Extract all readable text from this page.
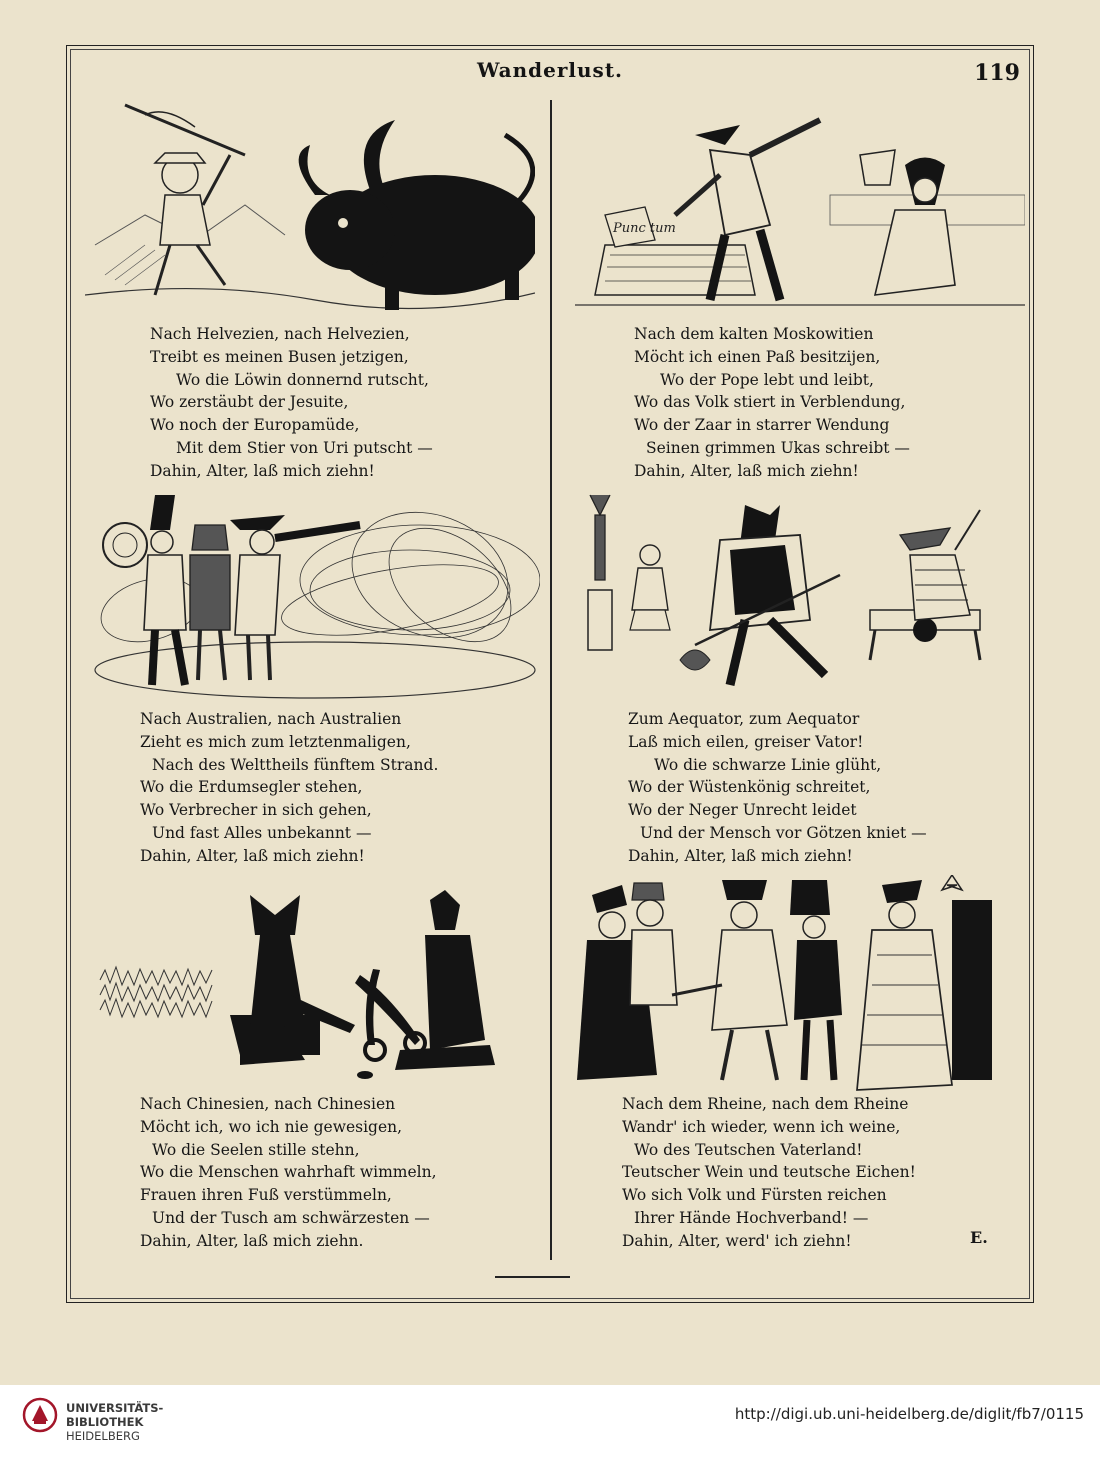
Wanderlust.	119
Punc tum
Nach Helvezien, nach Helvezien,
Treibt es meinen Busen jetzigen,
Wo die Löwin donnernd rutscht,
Wo zerstäubt der Jesuite,
Wo noch der Europamüde,
Mit dem Stier von Uri putscht —
Dahin, Alter, laß mich ziehn!
Nach dem kalten Moskowitien
Möcht ich einen Paß besitzijen,
Wo der Pope lebt und leibt,
Wo das Volk stiert in Verblendung,
Wo der Zaar in starrer Wendung
Seinen grimmen Ukas schreibt —
Dahin, Alter, laß mich ziehn!
Nach Australien, nach Australien
Zieht es mich zum letztenmaligen,
Nach des Welttheils fünftem Strand.
Wo die Erdumsegler stehen,
Wo Verbrecher in sich gehen,
Und fast Alles unbekannt —
Dahin, Alter, laß mich ziehn!
Zum Aequator, zum Aequator
Laß mich eilen, greiser Vator!
Wo die schwarze Linie glüht,
Wo der Wüstenkönig schreitet,
Wo der Neger Unrecht leidet
Und der Mensch vor Götzen kniet —
Dahin, Alter, laß mich ziehn!
Nach Chinesien, nach Chinesien
Möcht ich, wo ich nie gewesigen,
Wo die Seelen stille stehn,
Wo die Menschen wahrhaft wimmeln,
Frauen ihren Fuß verstümmeln,
Und der Tusch am schwärzesten —
Dahin, Alter, laß mich ziehn.
Nach dem Rheine, nach dem Rheine
Wandr' ich wieder, wenn ich weine,
Wo des Teutschen Vaterland!
Teutscher Wein und teutsche Eichen!
Wo sich Volk und Fürsten reichen
Ihrer Hände Hochverband! —
Dahin, Alter, werd' ich ziehn!	E.
UNIVERSITÄTS-
BIBLIOTHEK
HEIDELBERG
http://digi.ub.uni-heidelberg.de/diglit/fb7/0115
